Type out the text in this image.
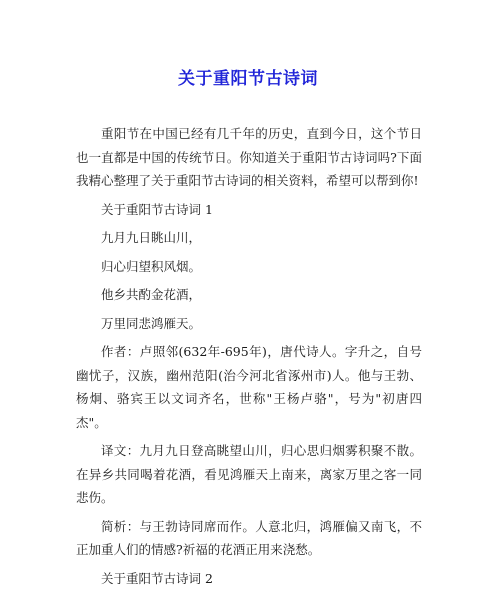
关于重阳节古诗词

重阳节在中国已经有几千年的历史，直到今日，这个节日也一直都是中国的传统节日。你知道关于重阳节古诗词吗?下面我精心整理了关于重阳节古诗词的相关资料，希望可以帮到你!

关于重阳节古诗词 1

九月九日眺山川，

归心归望积风烟。

他乡共酌金花酒，

万里同悲鸿雁天。

作者：卢照邻(632年-695年)，唐代诗人。字升之，自号幽忧子，汉族，幽州范阳(治今河北省涿州市)人。他与王勃、杨炯、骆宾王以文词齐名，世称"王杨卢骆"，号为"初唐四杰"。

译文：九月九日登高眺望山川，归心思归烟雾积聚不散。在异乡共同喝着花酒，看见鸿雁天上南来，离家万里之客一同悲伤。

简析：与王勃诗同席而作。人意北归，鸿雁偏又南飞，不正加重人们的情感?祈福的花酒正用来浇愁。

关于重阳节古诗词 2
